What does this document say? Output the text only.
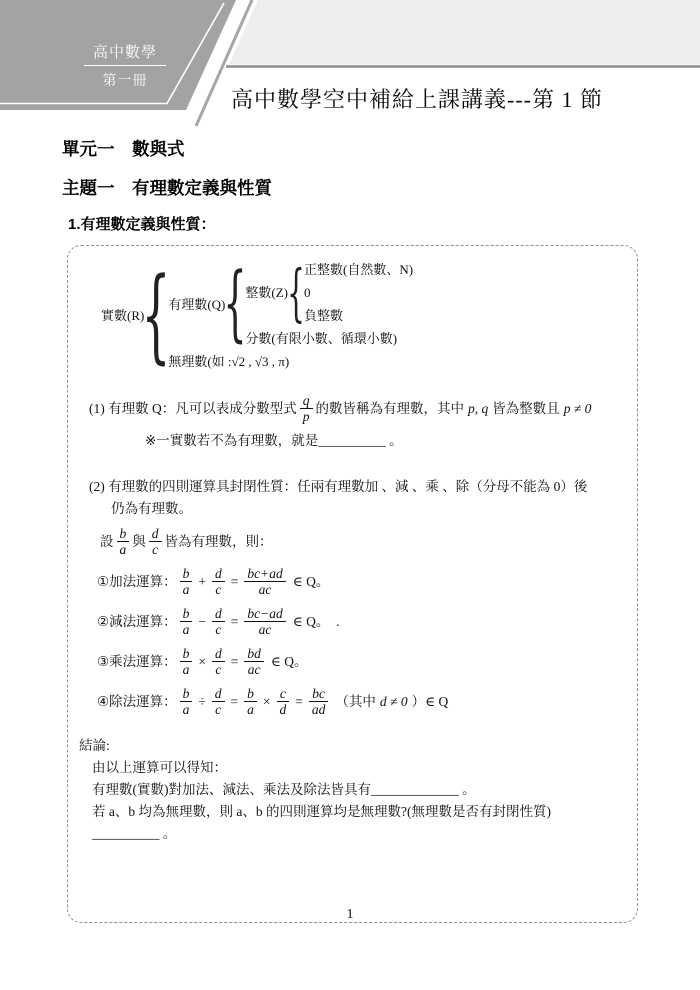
高中數學
第一冊
高中數學空中補給上課講義---第 1 節
單元一　數與式
主題一　有理數定義與性質
1.有理數定義與性質：
實數(R)
{
有理數(Q)
{
整數(Z) { 正整數(自然數、N)
0
負整數
分數(有限小數、循環小數)
無理數(如 :√2 , √3 , π)
(1) 有理數 Q：凡可以表成分數型式 $\frac{q}{p}$ 的數皆稱為有理數，其中 p, q 皆為整數且 p ≠ 0
※一實數若不為有理數，就是__________ 。
(2) 有理數的四則運算具封閉性質：任兩有理數加 、減 、乘 、除（分母不能為 0）後
仍為有理數。
設 $\frac{b}{a}$ 與 $\frac{d}{c}$ 皆為有理數，則：
①加法運算： $\frac{b}{a} + \frac{d}{c} = \frac{bc+ad}{ac}$ ∈ Q。
②減法運算： $\frac{b}{a} - \frac{d}{c} = \frac{bc-ad}{ac}$ ∈ Q。　.
③乘法運算： $\frac{b}{a} \times \frac{d}{c} = \frac{bd}{ac}$ ∈ Q。
④除法運算： $\frac{b}{a} \div \frac{d}{c} = \frac{b}{a} \times \frac{c}{d} = \frac{bc}{ad}$ （其中 d ≠ 0 ）∈ Q
結論:
由以上運算可以得知：
有理數(實數)對加法、減法、乘法及除法皆具有_____________ 。
若 a、b 均為無理數，則 a、b 的四則運算均是無理數?(無理數是否有封閉性質)
__________ 。
1
